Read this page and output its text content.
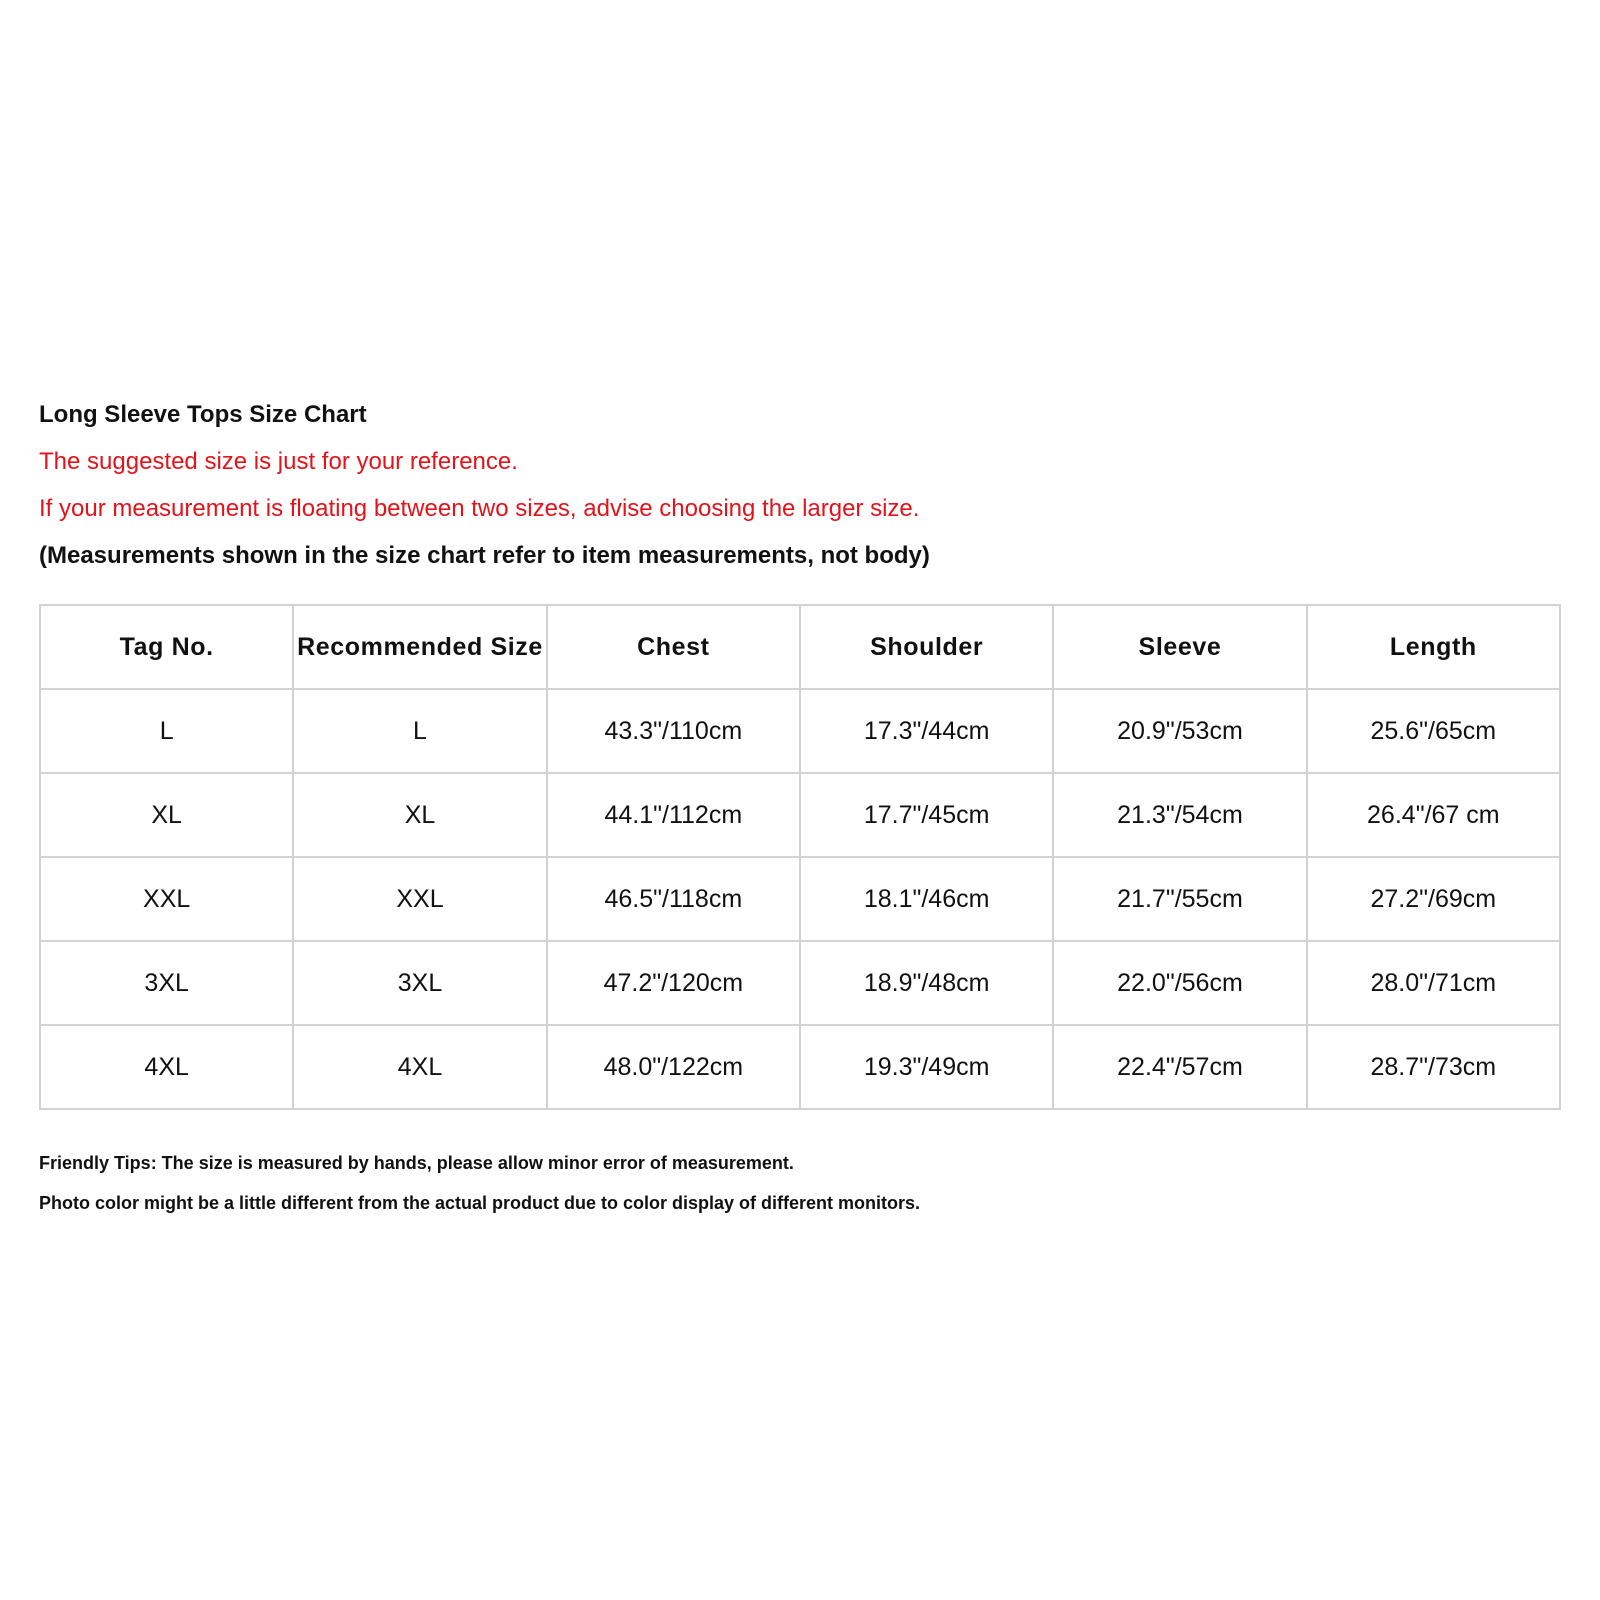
Long Sleeve Tops Size Chart
The suggested size is just for your reference.
If your measurement is floating between two sizes, advise choosing the larger size.
(Measurements shown in the size chart refer to item measurements, not body)
Tag No.	Recommended Size	Chest	Shoulder	Sleeve	Length
L	L	43.3"/110cm	17.3"/44cm	20.9"/53cm	25.6"/65cm
XL	XL	44.1"/112cm	17.7"/45cm	21.3"/54cm	26.4"/67 cm
XXL	XXL	46.5"/118cm	18.1"/46cm	21.7"/55cm	27.2"/69cm
3XL	3XL	47.2"/120cm	18.9"/48cm	22.0"/56cm	28.0"/71cm
4XL	4XL	48.0"/122cm	19.3"/49cm	22.4"/57cm	28.7"/73cm
Friendly Tips: The size is measured by hands, please allow minor error of measurement.
Photo color might be a little different from the actual product due to color display of different monitors.
